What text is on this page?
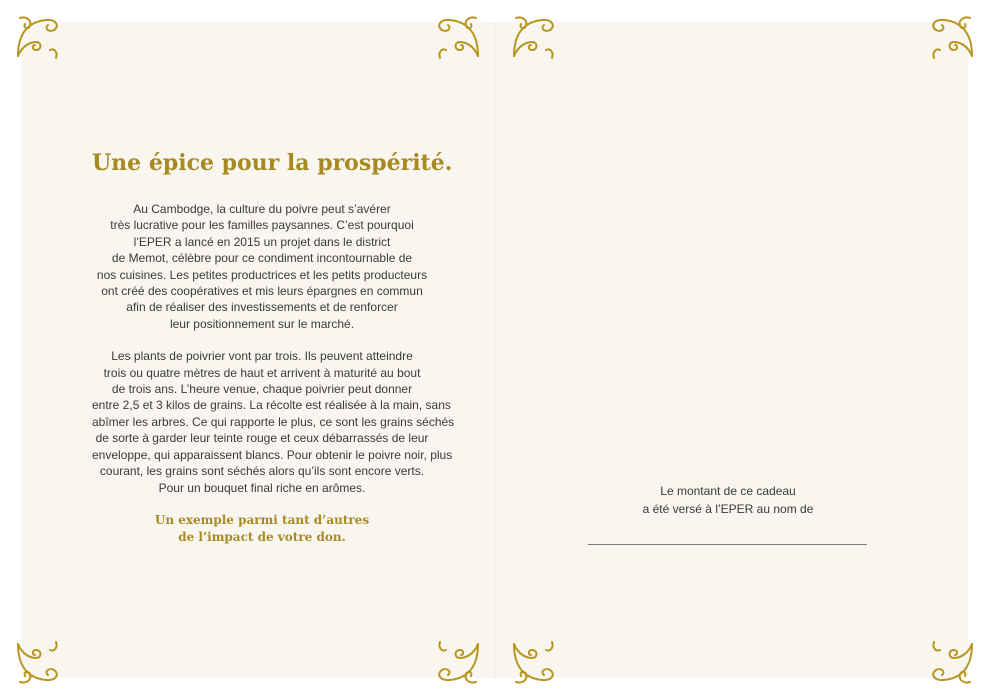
Une épice pour la prospérité.

Au Cambodge, la culture du poivre peut s’avérer
très lucrative pour les familles paysannes. C’est pourquoi
l’EPER a lancé en 2015 un projet dans le district
de Memot, célèbre pour ce condiment incontournable de
nos cuisines. Les petites productrices et les petits producteurs
ont créé des coopératives et mis leurs épargnes en commun
afin de réaliser des investissements et de renforcer
leur positionnement sur le marché.

Les plants de poivrier vont par trois. Ils peuvent atteindre
trois ou quatre mètres de haut et arrivent à maturité au bout
de trois ans. L’heure venue, chaque poivrier peut donner
entre 2,5 et 3 kilos de grains. La récolte est réalisée à la main, sans
abîmer les arbres. Ce qui rapporte le plus, ce sont les grains séchés
de sorte à garder leur teinte rouge et ceux débarrassés de leur
enveloppe, qui apparaissent blancs. Pour obtenir le poivre noir, plus
courant, les grains sont séchés alors qu’ils sont encore verts.
Pour un bouquet final riche en arômes.

Un exemple parmi tant d’autres
de l’impact de votre don.
Le montant de ce cadeau
a été versé à l’EPER au nom de
